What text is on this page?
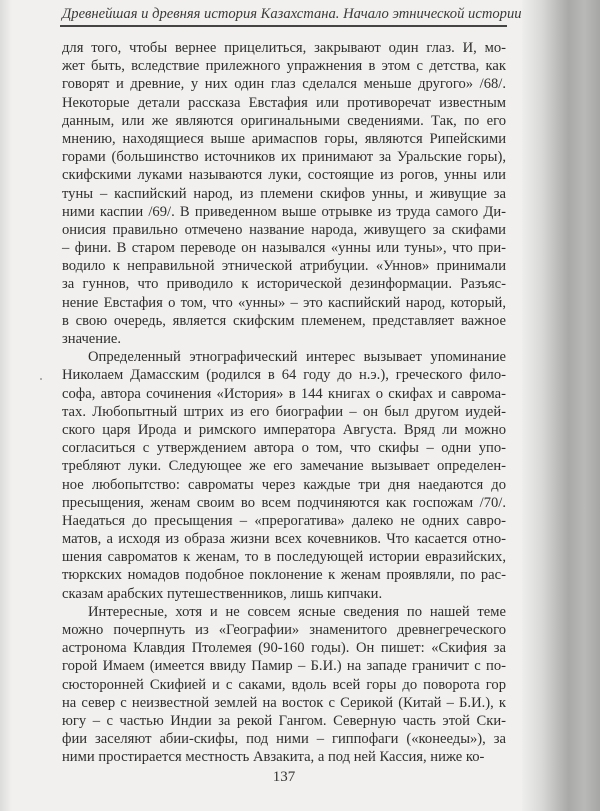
Древнейшая и древняя история Казахстана. Начало этнической истории
для того, чтобы вернее прицелиться, закрывают один глаз. И, мо-
жет быть, вследствие прилежного упражнения в этом с детства, как
говорят и древние, у них один глаз сделался меньше другого» /68/.
Некоторые детали рассказа Евстафия или противоречат известным
данным, или же являются оригинальными сведениями. Так, по его
мнению, находящиеся выше аримаспов горы, являются Рипейскими
горами (большинство источников их принимают за Уральские горы),
скифскими луками называются луки, состоящие из рогов, унны или
туны – каспийский народ, из племени скифов унны, и живущие за
ними каспии /69/. В приведенном выше отрывке из труда самого Ди-
онисия правильно отмечено название народа, живущего за скифами
– фини. В старом переводе он назывался «унны или туны», что при-
водило к неправильной этнической атрибуции. «Уннов» принимали
за гуннов, что приводило к исторической дезинформации. Разъяс-
нение Евстафия о том, что «унны» – это каспийский народ, который,
в свою очередь, является скифским племенем, представляет важное
значение.
Определенный этнографический интерес вызывает упоминание
Николаем Дамасским (родился в 64 году до н.э.), греческого фило-
софа, автора сочинения «История» в 144 книгах о скифах и саврома-
тах. Любопытный штрих из его биографии – он был другом иудей-
ского царя Ирода и римского императора Августа. Вряд ли можно
согласиться с утверждением автора о том, что скифы – одни упо-
требляют луки. Следующее же его замечание вызывает определен-
ное любопытство: савроматы через каждые три дня наедаются до
пресыщения, женам своим во всем подчиняются как госпожам /70/.
Наедаться до пресыщения – «прерогатива» далеко не одних савро-
матов, а исходя из образа жизни всех кочевников. Что касается отно-
шения савроматов к женам, то в последующей истории евразийских,
тюркских номадов подобное поклонение к женам проявляли, по рас-
сказам арабских путешественников, лишь кипчаки.
Интересные, хотя и не совсем ясные сведения по нашей теме
можно почерпнуть из «Географии» знаменитого древнегреческого
астронома Клавдия Птолемея (90-160 годы). Он пишет: «Скифия за
горой Имаем (имеется ввиду Памир – Б.И.) на западе граничит с по-
сюсторонней Скифией и с саками, вдоль всей горы до поворота гор
на север с неизвестной землей на восток с Серикой (Китай – Б.И.), к
югу – с частью Индии за рекой Гангом. Северную часть этой Ски-
фии заселяют абии-скифы, под ними – гиппофаги («конееды»), за
ними простирается местность Авзакита, а под ней Кассия, ниже ко-
137
